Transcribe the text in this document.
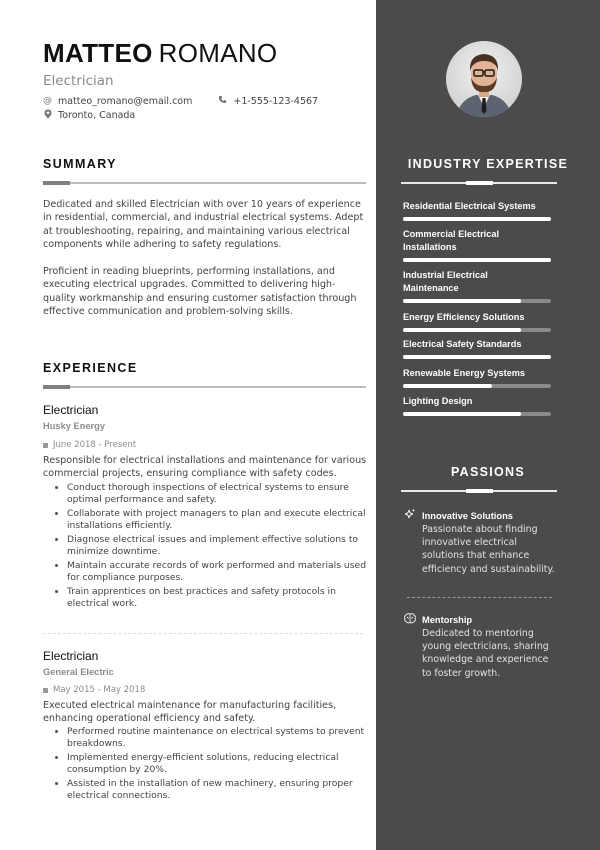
MATTEO ROMANO
Electrician
@ matteo_romano@email.com	+1-555-123-4567
Toronto, Canada
SUMMARY
Dedicated and skilled Electrician with over 10 years of experience in residential, commercial, and industrial electrical systems. Adept at troubleshooting, repairing, and maintaining various electrical components while adhering to safety regulations.
Proficient in reading blueprints, performing installations, and executing electrical upgrades. Committed to delivering high-quality workmanship and ensuring customer satisfaction through effective communication and problem-solving skills.
EXPERIENCE
Electrician
Husky Energy
June 2018 - Present
Responsible for electrical installations and maintenance for various commercial projects, ensuring compliance with safety codes.
Conduct thorough inspections of electrical systems to ensure optimal performance and safety.
Collaborate with project managers to plan and execute electrical installations efficiently.
Diagnose electrical issues and implement effective solutions to minimize downtime.
Maintain accurate records of work performed and materials used for compliance purposes.
Train apprentices on best practices and safety protocols in electrical work.
Electrician
General Electric
May 2015 - May 2018
Executed electrical maintenance for manufacturing facilities, enhancing operational efficiency and safety.
Performed routine maintenance on electrical systems to prevent breakdowns.
Implemented energy-efficient solutions, reducing electrical consumption by 20%.
Assisted in the installation of new machinery, ensuring proper electrical connections.
INDUSTRY EXPERTISE
Residential Electrical Systems
Commercial Electrical Installations
Industrial Electrical Maintenance
Energy Efficiency Solutions
Electrical Safety Standards
Renewable Energy Systems
Lighting Design
PASSIONS
Innovative Solutions
Passionate about finding innovative electrical solutions that enhance efficiency and sustainability.
Mentorship
Dedicated to mentoring young electricians, sharing knowledge and experience to foster growth.
